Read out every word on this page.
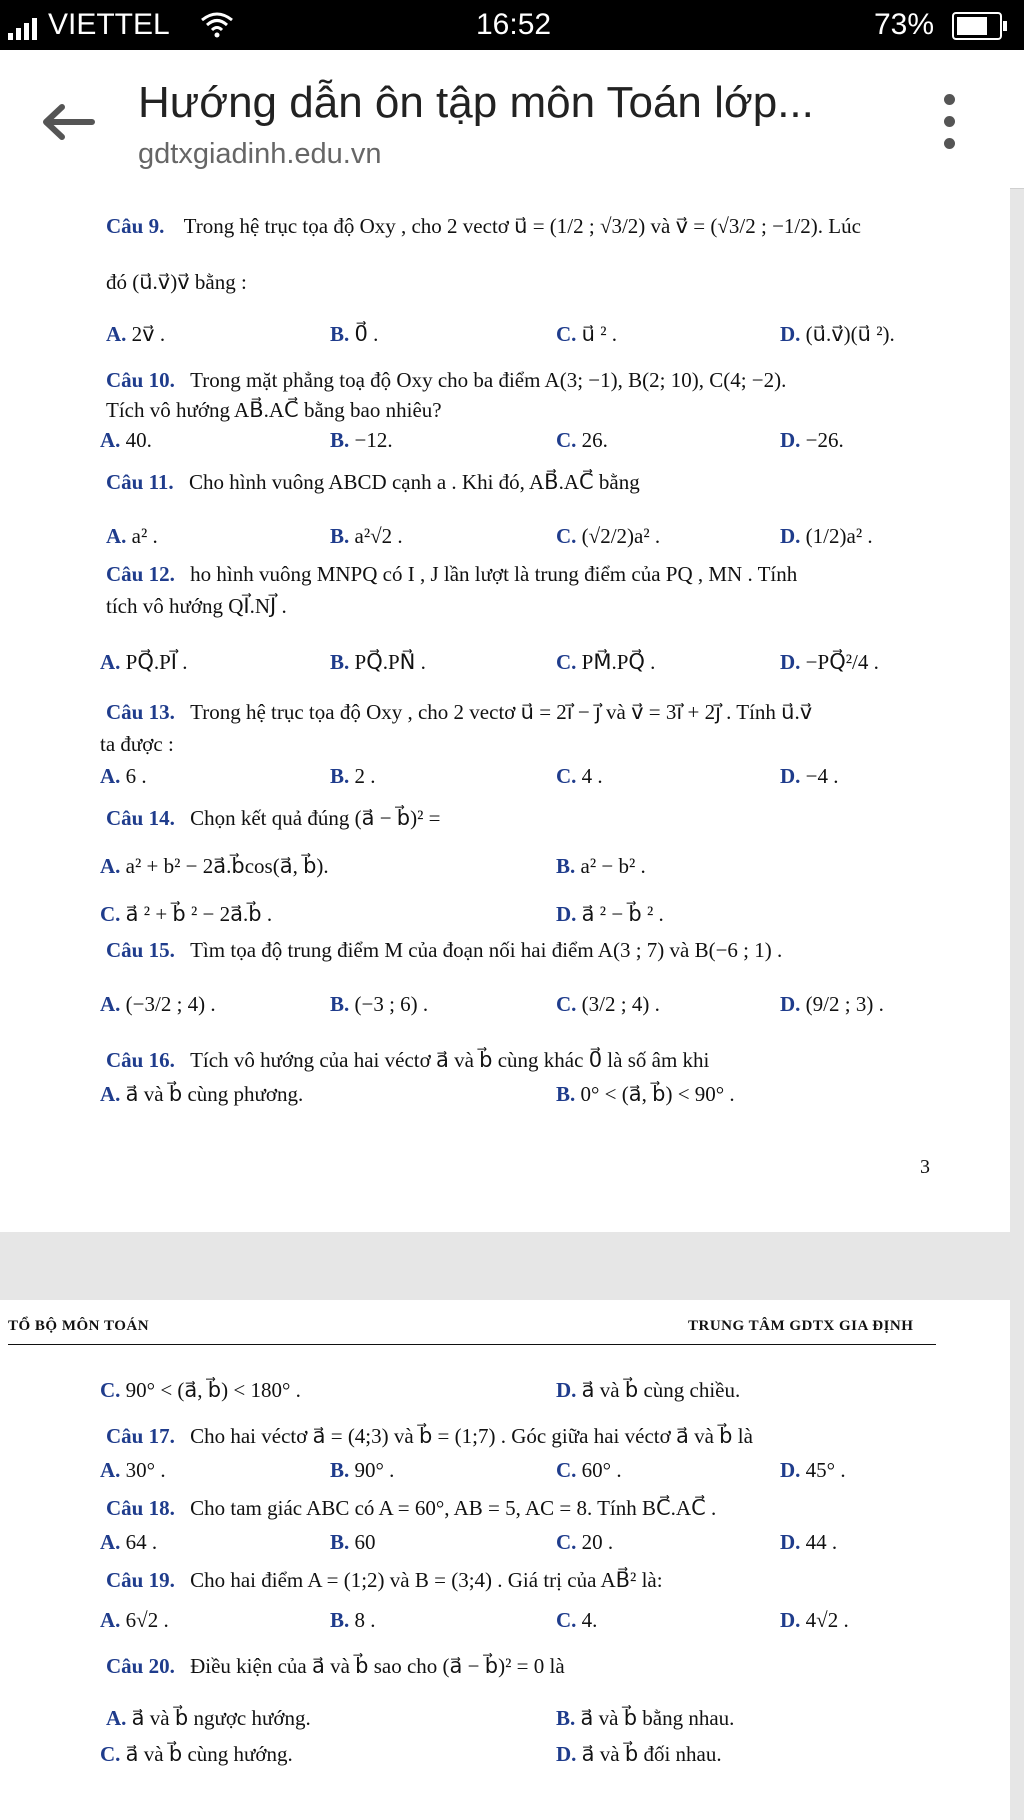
VIETTEL	16:52	73%
Hướng dẫn ôn tập môn Toán lớp...
gdtxgiadinh.edu.vn
Câu 9. Trong hệ trục tọa độ Oxy , cho 2 vectơ u⃗ = (1/2 ; √3/2) và v⃗ = (√3/2 ; −1/2). Lúc
đó (u⃗.v⃗)v⃗ bằng :
A. 2v⃗ .	B. 0⃗ .	C. u⃗ ² .	D. (u⃗.v⃗)(u⃗ ²).
Câu 10. Trong mặt phẳng toạ độ Oxy cho ba điểm A(3; −1), B(2; 10), C(4; −2).
Tích vô hướng AB⃗.AC⃗ bằng bao nhiêu?
A. 40.	B. −12.	C. 26.	D. −26.
Câu 11. Cho hình vuông ABCD cạnh a . Khi đó, AB⃗.AC⃗ bằng
A. a² .	B. a²√2 .	C. (√2/2)a² .	D. (1/2)a² .
Câu 12. ho hình vuông MNPQ có I , J lần lượt là trung điểm của PQ , MN . Tính
tích vô hướng QI⃗.NJ⃗ .
A. PQ⃗.PI⃗ .	B. PQ⃗.PN⃗ .	C. PM⃗.PQ⃗ .	D. −PQ⃗²/4 .
Câu 13. Trong hệ trục tọa độ Oxy , cho 2 vectơ u⃗ = 2i⃗ − j⃗ và v⃗ = 3i⃗ + 2j⃗ . Tính u⃗.v⃗
ta được :
A. 6 .	B. 2 .	C. 4 .	D. −4 .
Câu 14. Chọn kết quả đúng (a⃗ − b⃗)² =
A. a² + b² − 2a⃗.b⃗cos(a⃗, b⃗).	B. a² − b² .
C. a⃗ ² + b⃗ ² − 2a⃗.b⃗ .	D. a⃗ ² − b⃗ ² .
Câu 15. Tìm tọa độ trung điểm M của đoạn nối hai điểm A(3 ; 7) và B(−6 ; 1) .
A. (−3/2 ; 4) .	B. (−3 ; 6) .	C. (3/2 ; 4) .	D. (9/2 ; 3) .
Câu 16. Tích vô hướng của hai véctơ a⃗ và b⃗ cùng khác 0⃗ là số âm khi
A. a⃗ và b⃗ cùng phương.	B. 0° < (a⃗, b⃗) < 90° .
3
TỔ BỘ MÔN TOÁN	TRUNG TÂM GDTX GIA ĐỊNH
C. 90° < (a⃗, b⃗) < 180° .	D. a⃗ và b⃗ cùng chiều.
Câu 17. Cho hai véctơ a⃗ = (4;3) và b⃗ = (1;7) . Góc giữa hai véctơ a⃗ và b⃗ là
A. 30° .	B. 90° .	C. 60° .	D. 45° .
Câu 18. Cho tam giác ABC có A = 60°, AB = 5, AC = 8. Tính BC⃗.AC⃗ .
A. 64 .	B. 60	C. 20 .	D. 44 .
Câu 19. Cho hai điểm A = (1;2) và B = (3;4) . Giá trị của AB⃗² là:
A. 6√2 .	B. 8 .	C. 4.	D. 4√2 .
Câu 20. Điều kiện của a⃗ và b⃗ sao cho (a⃗ − b⃗)² = 0 là
A. a⃗ và b⃗ ngược hướng.	B. a⃗ và b⃗ bằng nhau.
C. a⃗ và b⃗ cùng hướng.	D. a⃗ và b⃗ đối nhau.
